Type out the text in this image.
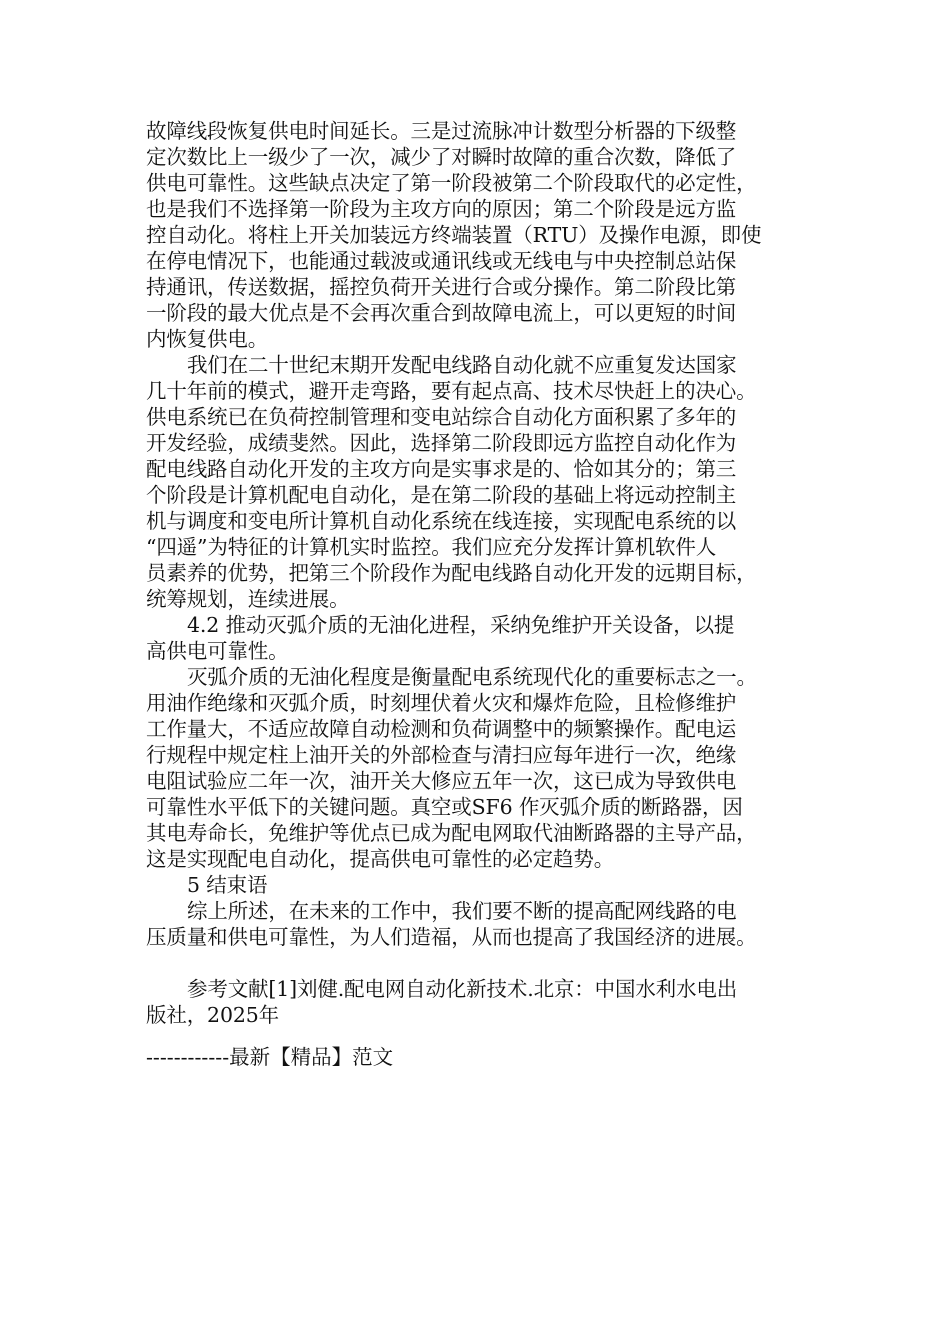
故障线段恢复供电时间延长。三是过流脉冲计数型分析器的下级整
定次数比上一级少了一次，减少了对瞬时故障的重合次数，降低了
供电可靠性。这些缺点决定了第一阶段被第二个阶段取代的必定性，
也是我们不选择第一阶段为主攻方向的原因；第二个阶段是远方监
控自动化。将柱上开关加装远方终端装置（RTU）及操作电源，即使
在停电情况下，也能通过载波或通讯线或无线电与中央控制总站保
持通讯，传送数据，摇控负荷开关进行合或分操作。第二阶段比第
一阶段的最大优点是不会再次重合到故障电流上，可以更短的时间
内恢复供电。
我们在二十世纪末期开发配电线路自动化就不应重复发达国家
几十年前的模式，避开走弯路，要有起点高、技术尽快赶上的决心。
供电系统已在负荷控制管理和变电站综合自动化方面积累了多年的
开发经验，成绩斐然。因此，选择第二阶段即远方监控自动化作为
配电线路自动化开发的主攻方向是实事求是的、恰如其分的；第三
个阶段是计算机配电自动化，是在第二阶段的基础上将远动控制主
机与调度和变电所计算机自动化系统在线连接，实现配电系统的以
“四遥”为特征的计算机实时监控。我们应充分发挥计算机软件人
员素养的优势，把第三个阶段作为配电线路自动化开发的远期目标，
统筹规划，连续进展。
4.2 推动灭弧介质的无油化进程，采纳免维护开关设备，以提
高供电可靠性。
灭弧介质的无油化程度是衡量配电系统现代化的重要标志之一。
用油作绝缘和灭弧介质，时刻埋伏着火灾和爆炸危险，且检修维护
工作量大，不适应故障自动检测和负荷调整中的频繁操作。配电运
行规程中规定柱上油开关的外部检查与清扫应每年进行一次，绝缘
电阻试验应二年一次，油开关大修应五年一次，这已成为导致供电
可靠性水平低下的关键问题。真空或SF6 作灭弧介质的断路器，因
其电寿命长，免维护等优点已成为配电网取代油断路器的主导产品，
这是实现配电自动化，提高供电可靠性的必定趋势。
5 结束语
综上所述，在未来的工作中，我们要不断的提高配网线路的电
压质量和供电可靠性，为人们造福，从而也提高了我国经济的进展。
参考文献[1]刘健.配电网自动化新技术.北京：中国水利水电出
版社，2025年
------------最新【精品】范文
